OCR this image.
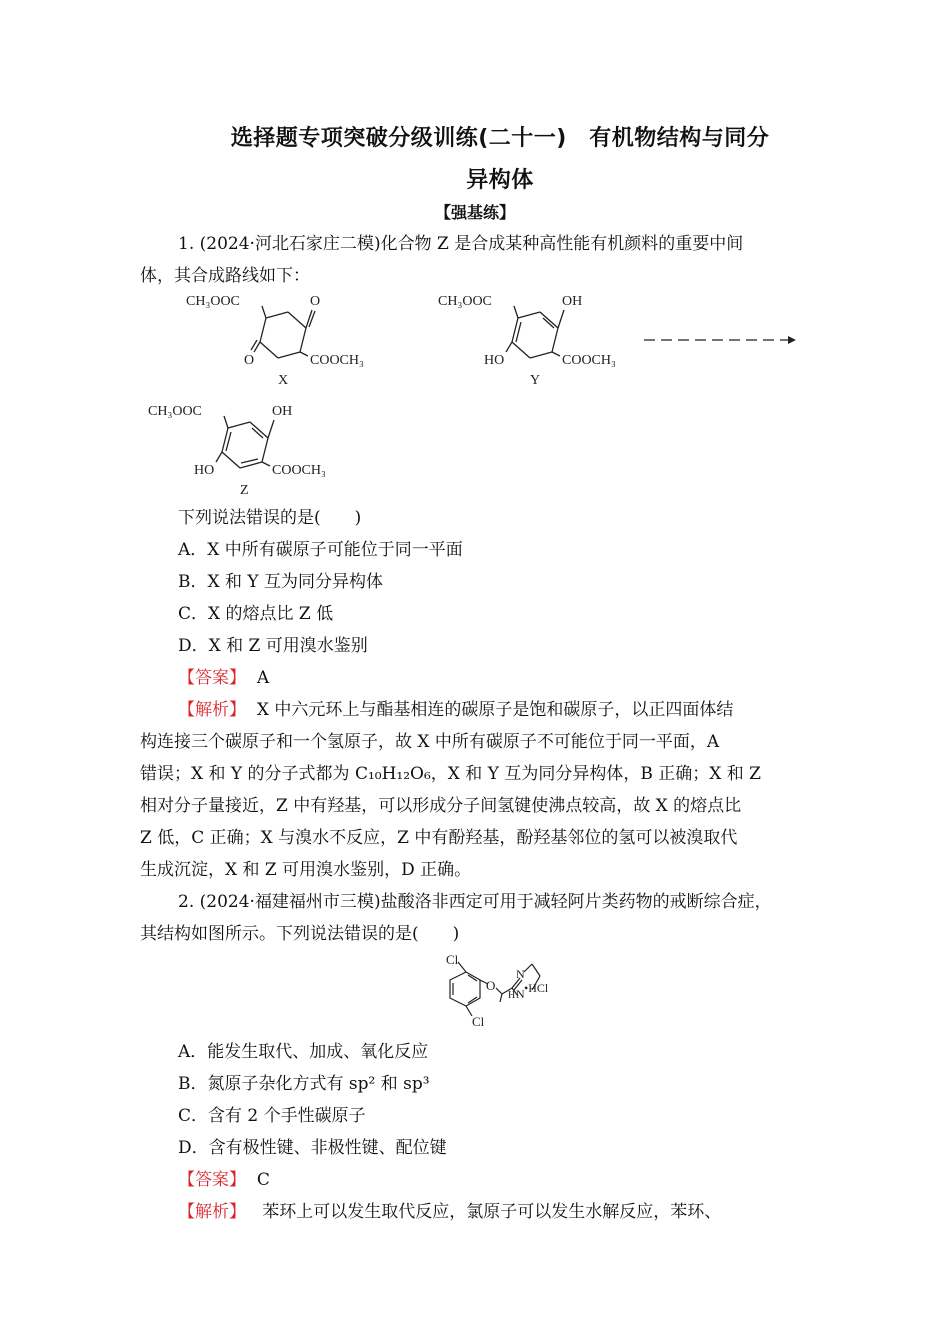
选择题专项突破分级训练(二十一)　有机物结构与同分
异构体
【强基练】
1. (2024·河北石家庄二模)化合物 Z 是合成某种高性能有机颜料的重要中间
体，其合成路线如下：
CH₃OOC	O
O	COOCH₃
X
CH₃OOC	OH
HO	COOCH₃
Y
CH₃OOC	OH
HO	COOCH₃
Z
下列说法错误的是(　　)
A．X 中所有碳原子可能位于同一平面
B．X 和 Y 互为同分异构体
C．X 的熔点比 Z 低
D．X 和 Z 可用溴水鉴别
【答案】 A
【解析】 X 中六元环上与酯基相连的碳原子是饱和碳原子，以正四面体结
构连接三个碳原子和一个氢原子，故 X 中所有碳原子不可能位于同一平面，A
错误；X 和 Y 的分子式都为 C₁₀H₁₂O₆，X 和 Y 互为同分异构体，B 正确；X 和 Z
相对分子量接近，Z 中有羟基，可以形成分子间氢键使沸点较高，故 X 的熔点比
Z 低，C 正确；X 与溴水不反应，Z 中有酚羟基，酚羟基邻位的氢可以被溴取代
生成沉淀，X 和 Z 可用溴水鉴别，D 正确。
2. (2024·福建福州市三模)盐酸洛非西定可用于减轻阿片类药物的戒断综合症，
其结构如图所示。下列说法错误的是(　　)
Cl
Cl
O
N
N
H
•HCl
A．能发生取代、加成、氧化反应
B．氮原子杂化方式有 sp² 和 sp³
C．含有 2 个手性碳原子
D．含有极性键、非极性键、配位键
【答案】 C
【解析】 苯环上可以发生取代反应，氯原子可以发生水解反应，苯环、
